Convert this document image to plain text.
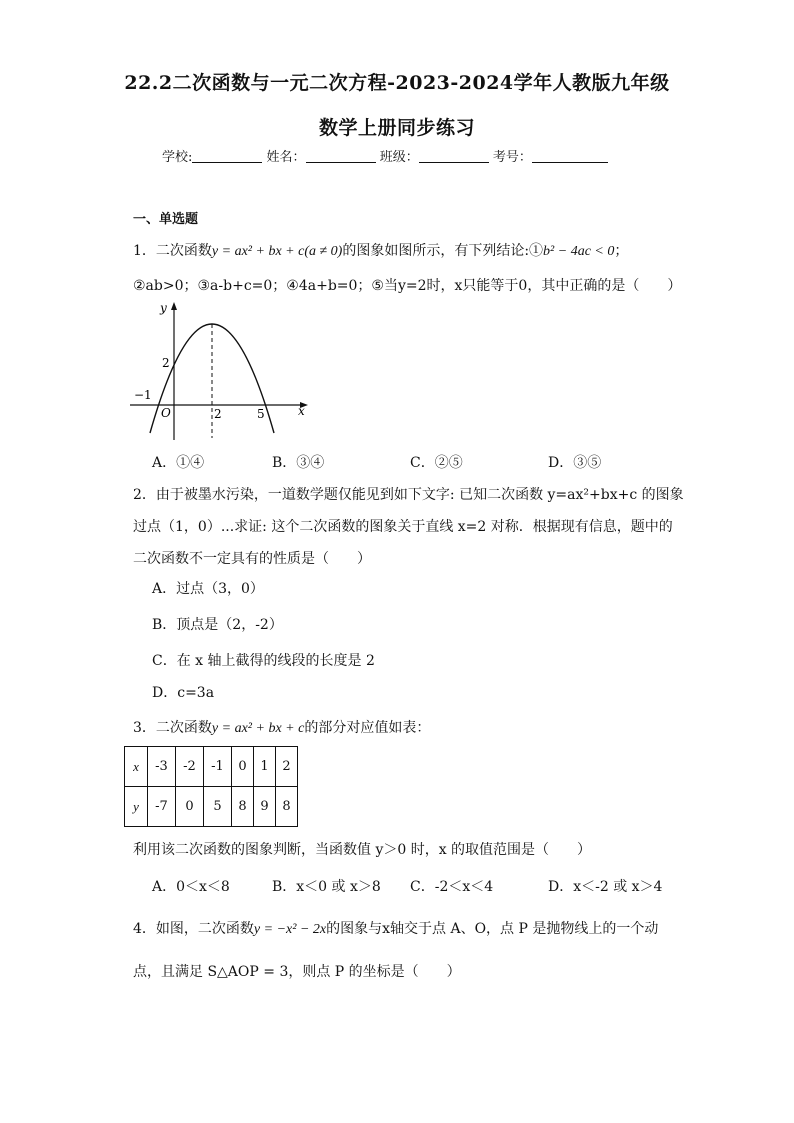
22.2二次函数与一元二次方程-2023-2024学年人教版九年级
数学上册同步练习
学校:	姓名：	班级：	考号：
一、单选题
1．二次函数y = ax² + bx + c(a ≠ 0)的图象如图所示，有下列结论:①b² − 4ac < 0；
②ab>0；③a-b+c=0；④4a+b=0；⑤当y=2时，x只能等于0，其中正确的是（　　）
y
x
O
−1
2
2	5
A．①④	B．③④	C．②⑤	D．③⑤
2．由于被墨水污染，一道数学题仅能见到如下文字: 已知二次函数 y=ax²+bx+c 的图象
过点（1，0）...求证: 这个二次函数的图象关于直线 x=2 对称．根据现有信息，题中的
二次函数不一定具有的性质是（　　）
A．过点（3，0）
B．顶点是（2，-2）
C．在 x 轴上截得的线段的长度是 2
D．c=3a
3．二次函数y = ax² + bx + c的部分对应值如表：
x	-3	-2	-1	0	1	2
y	-7	0	5	8	9	8
利用该二次函数的图象判断，当函数值 y＞0 时，x 的取值范围是（　　）
A．0＜x＜8	B．x＜0 或 x＞8 C．-2＜x＜4	D．x＜-2 或 x＞4
4．如图，二次函数y = −x² − 2x的图象与x轴交于点 A、O，点 P 是抛物线上的一个动
点，且满足 S△AOP = 3，则点 P 的坐标是（　　）
